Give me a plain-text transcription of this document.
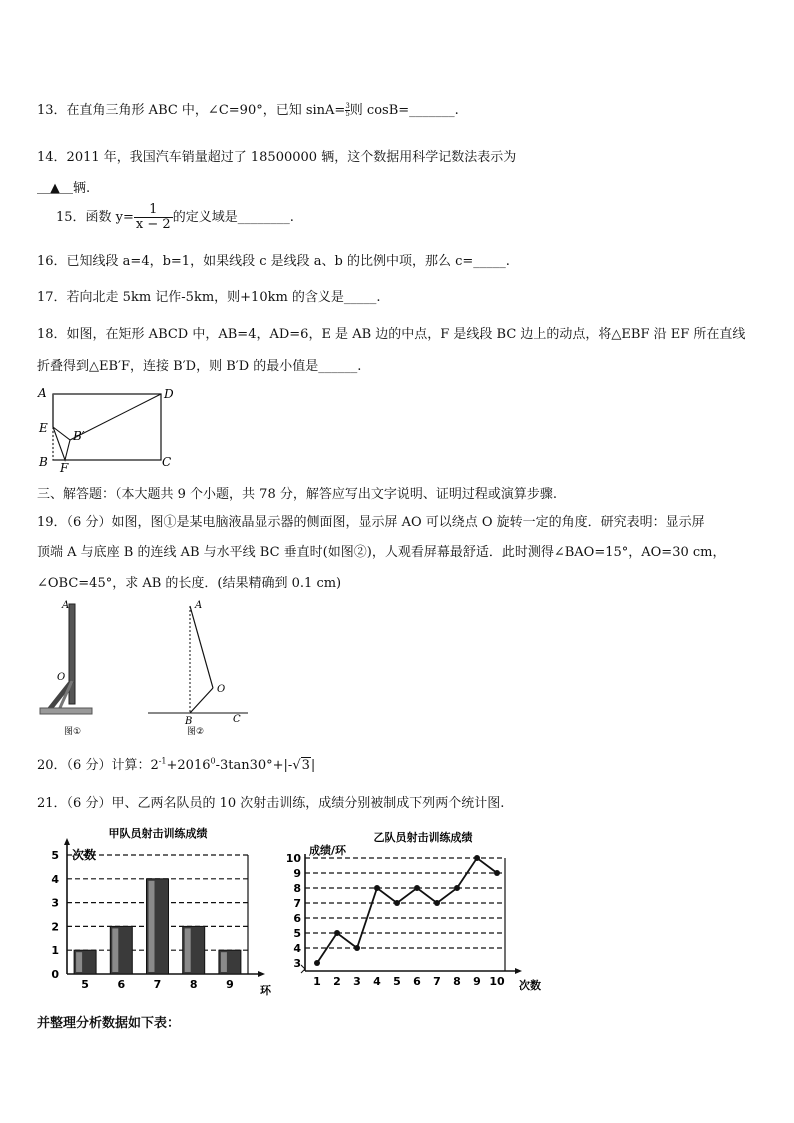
13．在直角三角形 ABC 中，∠C=90°，已知 $\sin A= \frac{3}{5}$ 则 cosB=_______.
14．2011 年，我国汽车销量超过了 18500000 辆，这个数据用科学记数法表示为
＿▲＿辆.
15．函数 $y= \frac{1}{x - 2}$ 的定义域是________.
16．已知线段 a=4，b=1，如果线段 c 是线段 a、b 的比例中项，那么 c=_____.
17．若向北走 5km 记作-5km，则+10km 的含义是_____.
18．如图，在矩形 ABCD 中，AB=4，AD=6，E 是 AB 边的中点，F 是线段 BC 边上的动点，将△EBF 沿 EF 所在直线
折叠得到△EB′F，连接 B′D，则 B′D 的最小值是______.
A	D
E
B′
B F	C
三、解答题：（本大题共 9 个小题，共 78 分，解答应写出文字说明、证明过程或演算步骤.
19．（6 分）如图，图①是某电脑液晶显示器的侧面图，显示屏 AO 可以绕点 O 旋转一定的角度．研究表明：显示屏
顶端 A 与底座 B 的连线 AB 与水平线 BC 垂直时(如图②)，人观看屏幕最舒适．此时测得∠BAO=15°，AO=30 cm，
∠OBC=45°，求 AB 的长度．(结果精确到 0.1 cm)
A
O
图①
A
O
B	C
图②
20．（6 分）计算：$2^{-1}+2016^0-3\tan 30^\circ+|-√3|$
21．（6 分）甲、乙两名队员的 10 次射击训练，成绩分别被制成下列两个统计图.
甲队员射击训练成绩
次数
0
1
2
3
4
5
5	6	7	8	9 环
乙队员射击训练成绩
成绩/环
3
4
5
6
7
8
9
10
1 2 3 4 5 6 7 8 9 10 次数
并整理分析数据如下表：
